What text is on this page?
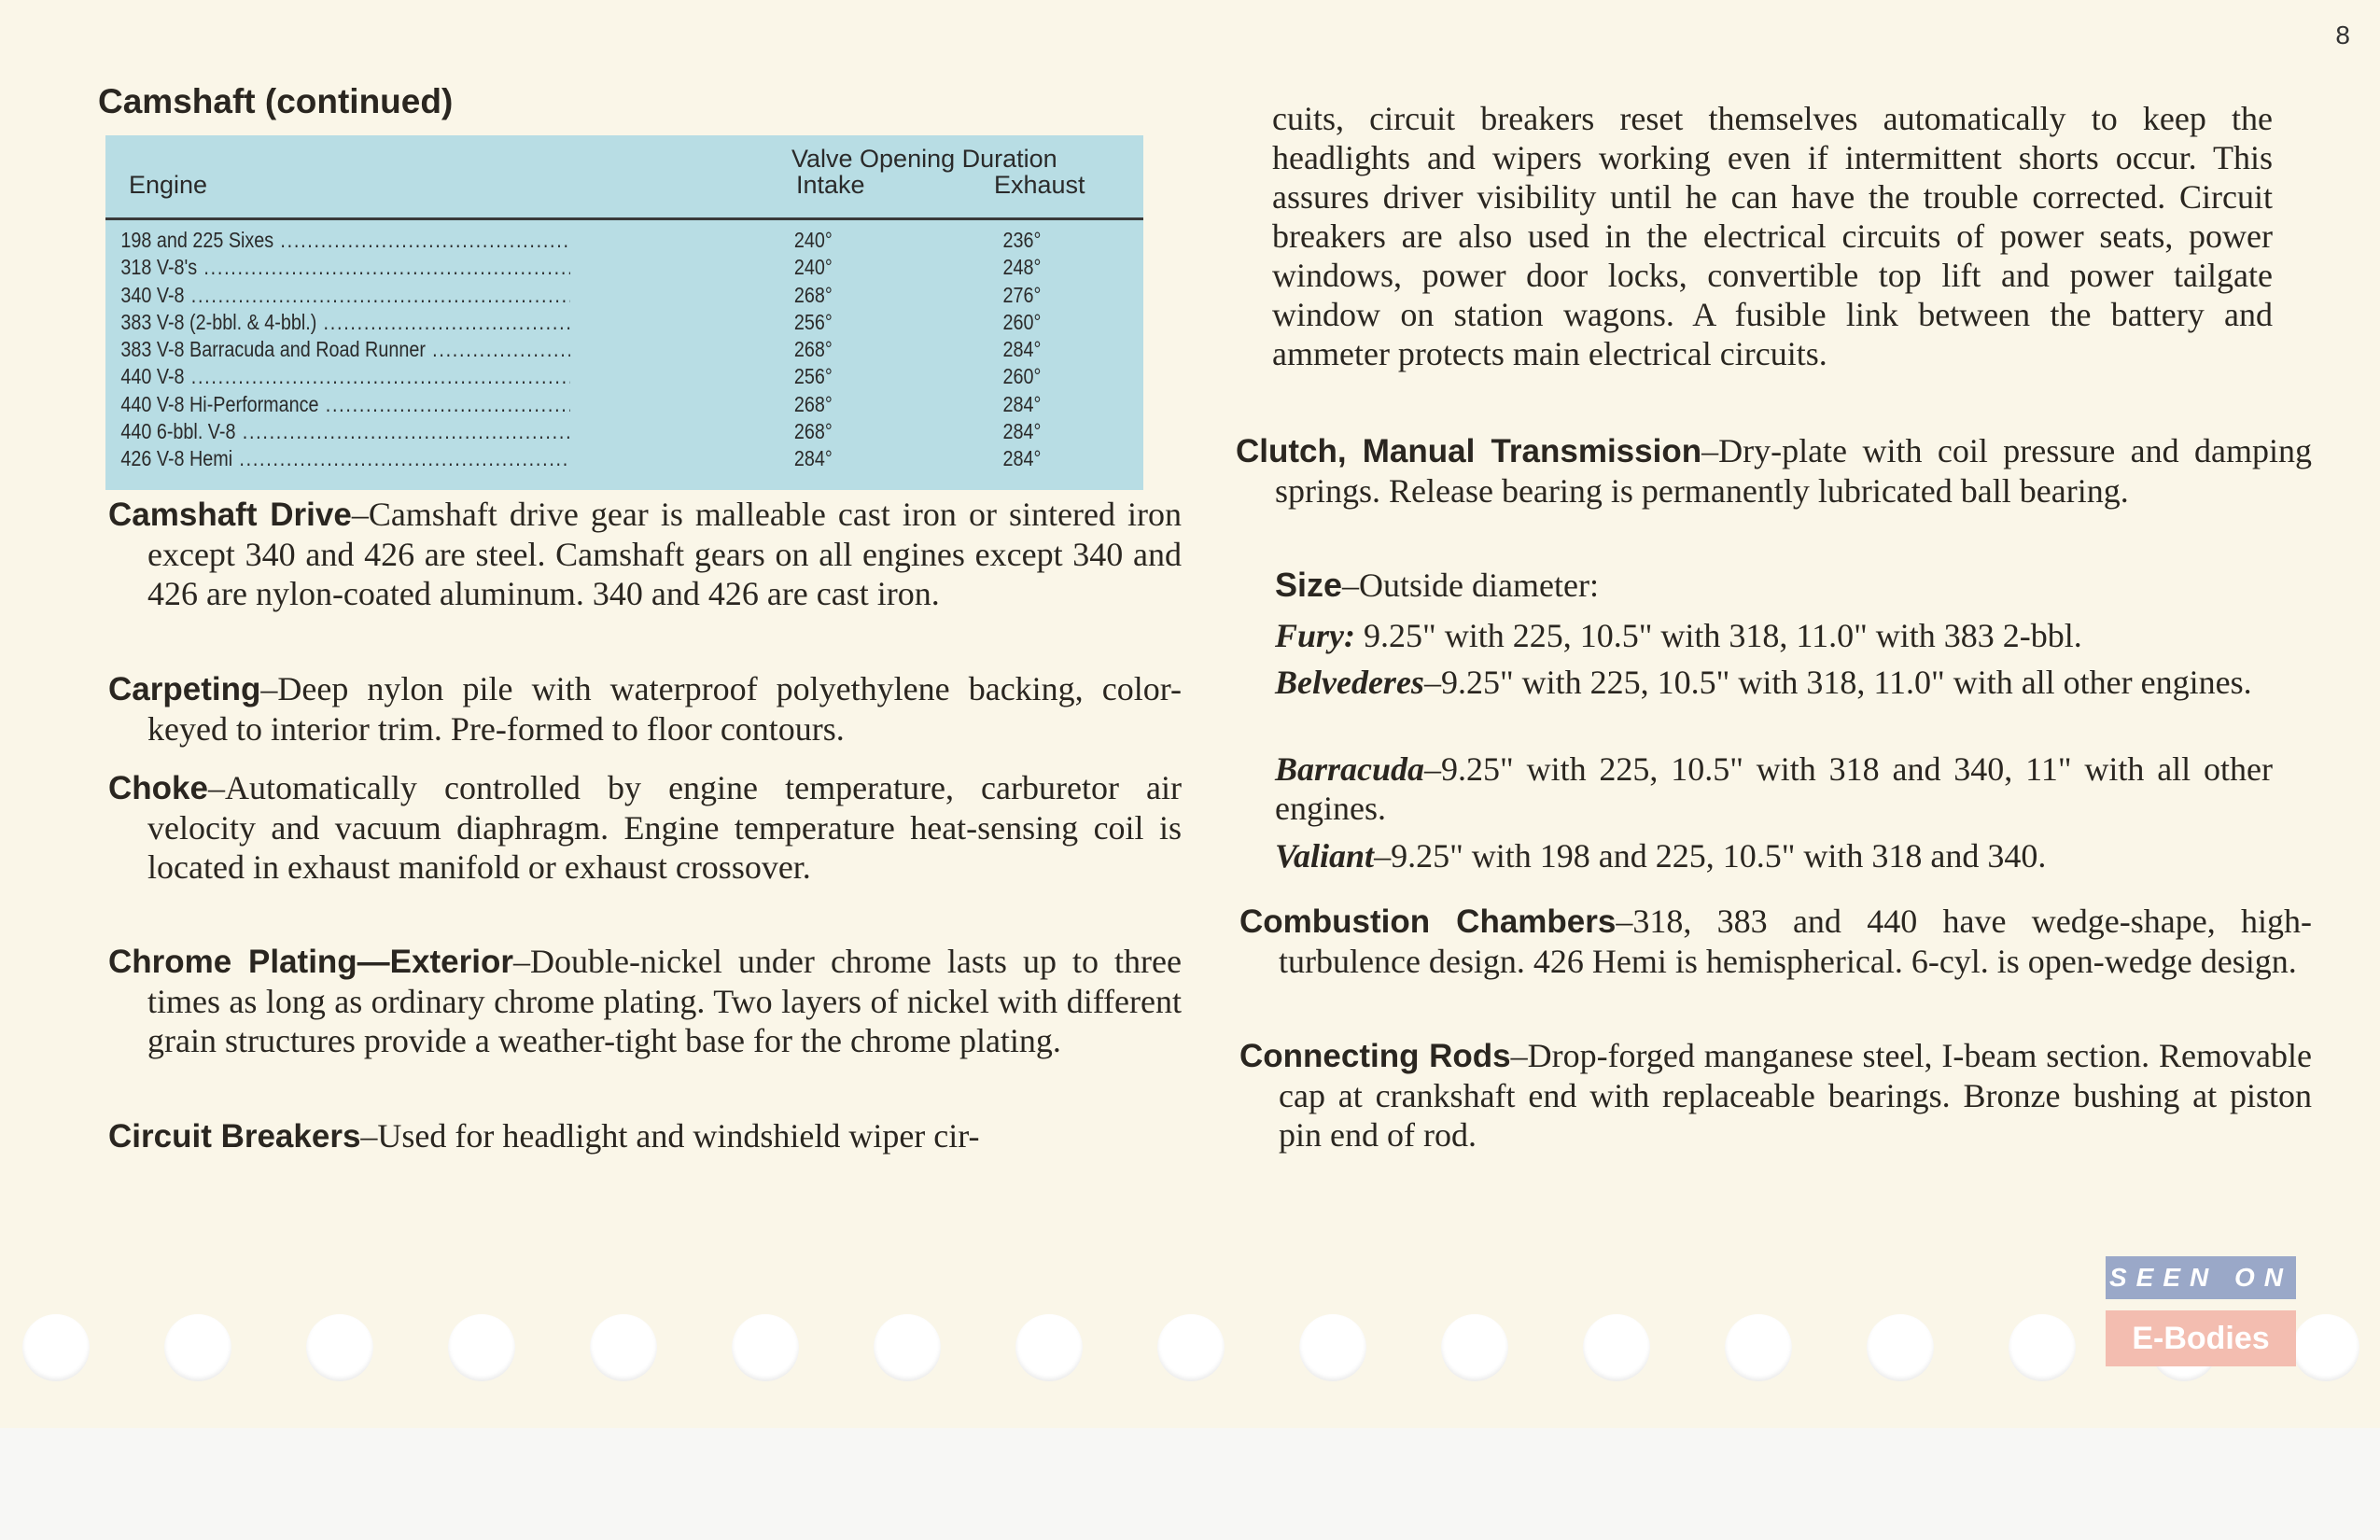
8
Camshaft (continued)
Engine
Valve Opening Duration
Intake	Exhaust
198 and 225 Sixes .....	240°	236°
318 V-8's .....	240°	248°
340 V-8 .....	268°	276°
383 V-8 (2-bbl. & 4-bbl.) .....	256°	260°
383 V-8 Barracuda and Road Runner .....	268°	284°
440 V-8 .....	256°	260°
440 V-8 Hi-Performance .....	268°	284°
440 6-bbl. V-8 .....	268°	284°
426 V-8 Hemi .....	284°	284°

Camshaft Drive–Camshaft drive gear is malleable cast iron or sintered iron except 340 and 426 are steel. Camshaft gears on all engines except 340 and 426 are nylon-coated aluminum. 340 and 426 are cast iron.

Carpeting–Deep nylon pile with waterproof polyethylene backing, color-keyed to interior trim. Pre-formed to floor contours.

Choke–Automatically controlled by engine temperature, carburetor air velocity and vacuum diaphragm. Engine temperature heat-sensing coil is located in exhaust manifold or exhaust crossover.

Chrome Plating—Exterior–Double-nickel under chrome lasts up to three times as long as ordinary chrome plating. Two layers of nickel with different grain structures provide a weather-tight base for the chrome plating.

Circuit Breakers–Used for headlight and windshield wiper cir-

cuits, circuit breakers reset themselves automatically to keep the headlights and wipers working even if intermittent shorts occur. This assures driver visibility until he can have the trouble corrected. Circuit breakers are also used in the electrical circuits of power seats, power windows, power door locks, convertible top lift and power tailgate window on station wagons. A fusible link between the battery and ammeter protects main electrical circuits.

Clutch, Manual Transmission–Dry-plate with coil pressure and damping springs. Release bearing is permanently lubricated ball bearing.

Size–Outside diameter:

Fury: 9.25" with 225, 10.5" with 318, 11.0" with 383 2-bbl.

Belvederes–9.25" with 225, 10.5" with 318, 11.0" with all other engines.

Barracuda–9.25" with 225, 10.5" with 318 and 340, 11" with all other engines.

Valiant–9.25" with 198 and 225, 10.5" with 318 and 340.

Combustion Chambers–318, 383 and 440 have wedge-shape, high-turbulence design. 426 Hemi is hemispherical. 6-cyl. is open-wedge design.

Connecting Rods–Drop-forged manganese steel, I-beam section. Removable cap at crankshaft end with replaceable bearings. Bronze bushing at piston pin end of rod.

SEEN ON
E-Bodies
